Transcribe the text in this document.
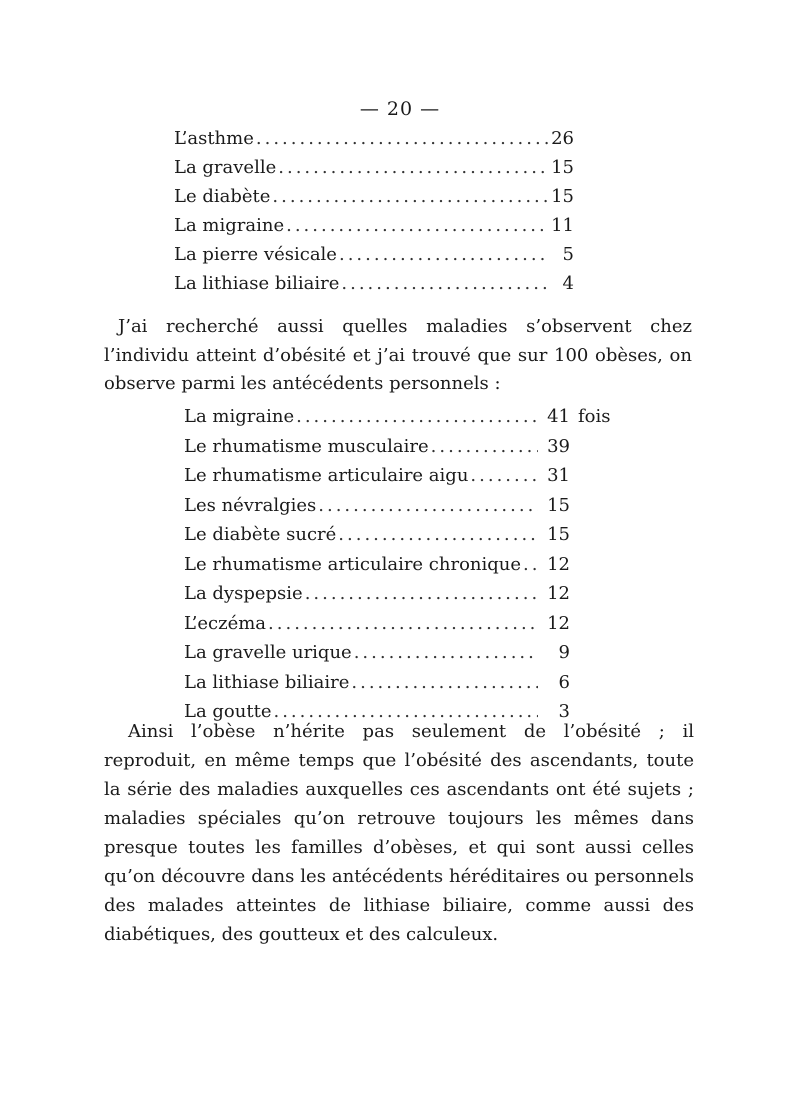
— 20 —
L’asthme .....	26
La gravelle .....	15
Le diabète .....	15
La migraine .....	11
La pierre vésicale .....	5
La lithiase biliaire .....	4

J’ai recherché aussi quelles maladies s’observent chez l’individu atteint d’obésité et j’ai trouvé que sur 100 obèses, on observe parmi les antécédents personnels :

La migraine .....	41 fois
Le rhumatisme musculaire .....	39
Le rhumatisme articulaire aigu .....	31
Les névralgies .....	15
Le diabète sucré .....	15
Le rhumatisme articulaire chronique .....	12
La dyspepsie .....	12
L’eczéma .....	12
La gravelle urique .....	9
La lithiase biliaire .....	6
La goutte .....	3

Ainsi l’obèse n’hérite pas seulement de l’obésité ; il reproduit, en même temps que l’obésité des ascendants, toute la série des maladies auxquelles ces ascendants ont été sujets ; maladies spéciales qu’on retrouve toujours les mêmes dans presque toutes les familles d’obèses, et qui sont aussi celles qu’on découvre dans les antécédents héréditaires ou personnels des malades atteintes de lithiase biliaire, comme aussi des diabétiques, des goutteux et des calculeux.
